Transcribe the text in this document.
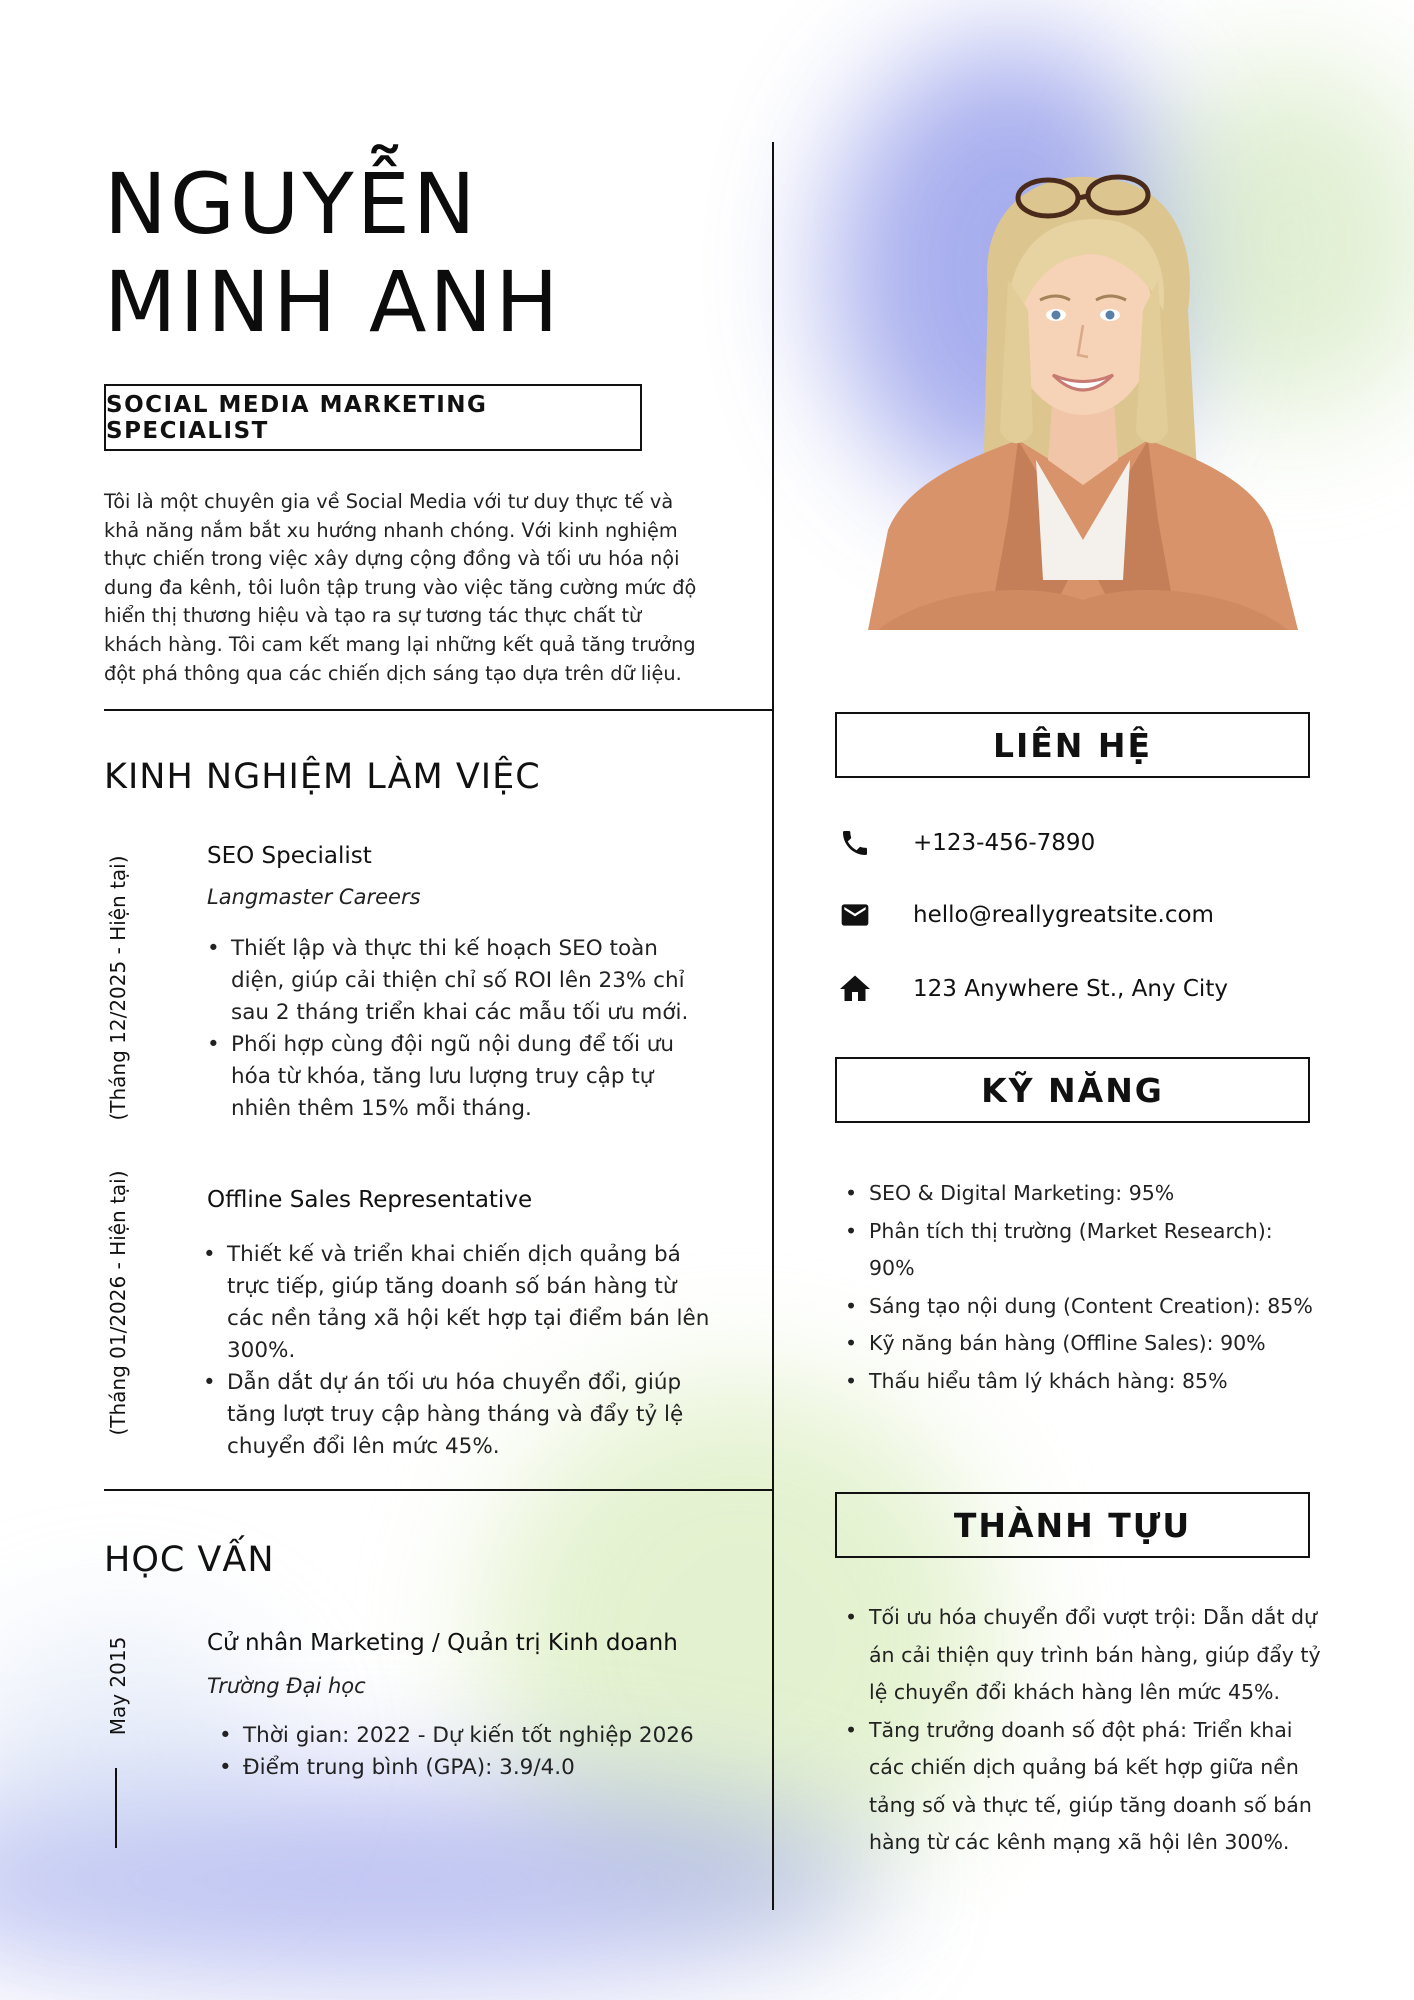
NGUYỄN
MINH ANH
SOCIAL MEDIA MARKETING SPECIALIST

Tôi là một chuyên gia về Social Media với tư duy thực tế và khả năng nắm bắt xu hướng nhanh chóng. Với kinh nghiệm thực chiến trong việc xây dựng cộng đồng và tối ưu hóa nội dung đa kênh, tôi luôn tập trung vào việc tăng cường mức độ hiển thị thương hiệu và tạo ra sự tương tác thực chất từ khách hàng. Tôi cam kết mang lại những kết quả tăng trưởng đột phá thông qua các chiến dịch sáng tạo dựa trên dữ liệu.

KINH NGHIỆM LÀM VIỆC
(Tháng 12/2025 - Hiện tại)	SEO Specialist
Langmaster Careers
• Thiết lập và thực thi kế hoạch SEO toàn diện, giúp cải thiện chỉ số ROI lên 23% chỉ sau 2 tháng triển khai các mẫu tối ưu mới.
• Phối hợp cùng đội ngũ nội dung để tối ưu hóa từ khóa, tăng lưu lượng truy cập tự nhiên thêm 15% mỗi tháng.
(Tháng 01/2026 - Hiện tại)	Offline Sales Representative
• Thiết kế và triển khai chiến dịch quảng bá trực tiếp, giúp tăng doanh số bán hàng từ các nền tảng xã hội kết hợp tại điểm bán lên 300%.
• Dẫn dắt dự án tối ưu hóa chuyển đổi, giúp tăng lượt truy cập hàng tháng và đẩy tỷ lệ chuyển đổi lên mức 45%.
HỌC VẤN
May 2015	Cử nhân Marketing / Quản trị Kinh doanh
Trường Đại học
• Thời gian: 2022 - Dự kiến tốt nghiệp 2026
• Điểm trung bình (GPA): 3.9/4.0
LIÊN HỆ
+123-456-7890
hello@reallygreatsite.com
123 Anywhere St., Any City
KỸ NĂNG
• SEO & Digital Marketing: 95%
• Phân tích thị trường (Market Research): 90%
• Sáng tạo nội dung (Content Creation): 85%
• Kỹ năng bán hàng (Offline Sales): 90%
• Thấu hiểu tâm lý khách hàng: 85%
THÀNH TỰU
• Tối ưu hóa chuyển đổi vượt trội: Dẫn dắt dự án cải thiện quy trình bán hàng, giúp đẩy tỷ lệ chuyển đổi khách hàng lên mức 45%.
• Tăng trưởng doanh số đột phá: Triển khai các chiến dịch quảng bá kết hợp giữa nền tảng số và thực tế, giúp tăng doanh số bán hàng từ các kênh mạng xã hội lên 300%.
